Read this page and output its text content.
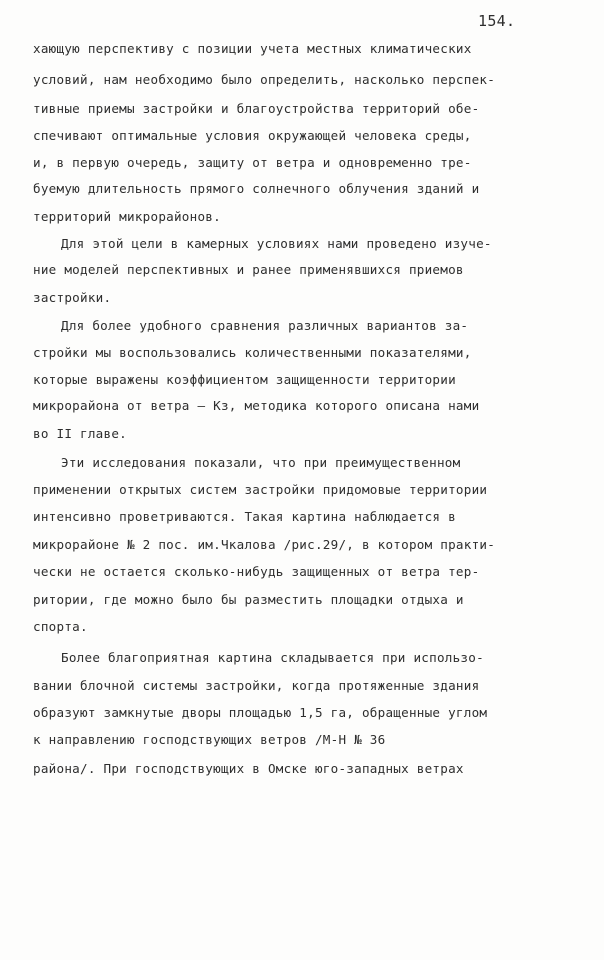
154.
хающую перспективу с позиции учета местных климатических
условий, нам необходимо было определить, насколько перспек-
тивные приемы застройки и благоустройства территорий обе-
спечивают оптимальные условия окружающей человека среды,
и, в первую очередь, защиту от ветра и одновременно тре-
буемую длительность прямого солнечного облучения зданий и
территорий микрорайонов.
Для этой цели в камерных условиях нами проведено изуче-
ние моделей перспективных и ранее применявшихся приемов
застройки.
Для более удобного сравнения различных вариантов за-
стройки мы воспользовались количественными показателями,
которые выражены коэффициентом защищенности территории
микрорайона от ветра – Кз, методика которого описана нами
во II главе.
Эти исследования показали, что при преимущественном
применении открытых систем застройки придомовые территории
интенсивно проветриваются. Такая картина наблюдается в
микрорайоне № 2 пос. им.Чкалова /рис.29/, в котором практи-
чески не остается сколько-нибудь защищенных от ветра тер-
ритории, где можно было бы разместить площадки отдыха и
спорта.
Более благоприятная картина складывается при использо-
вании блочной системы застройки, когда протяженные здания
образуют замкнутые дворы площадью 1,5 га, обращенные углом
к направлению господствующих ветров /М-Н № 36
района/. При господствующих в Омске юго-западных ветрах
